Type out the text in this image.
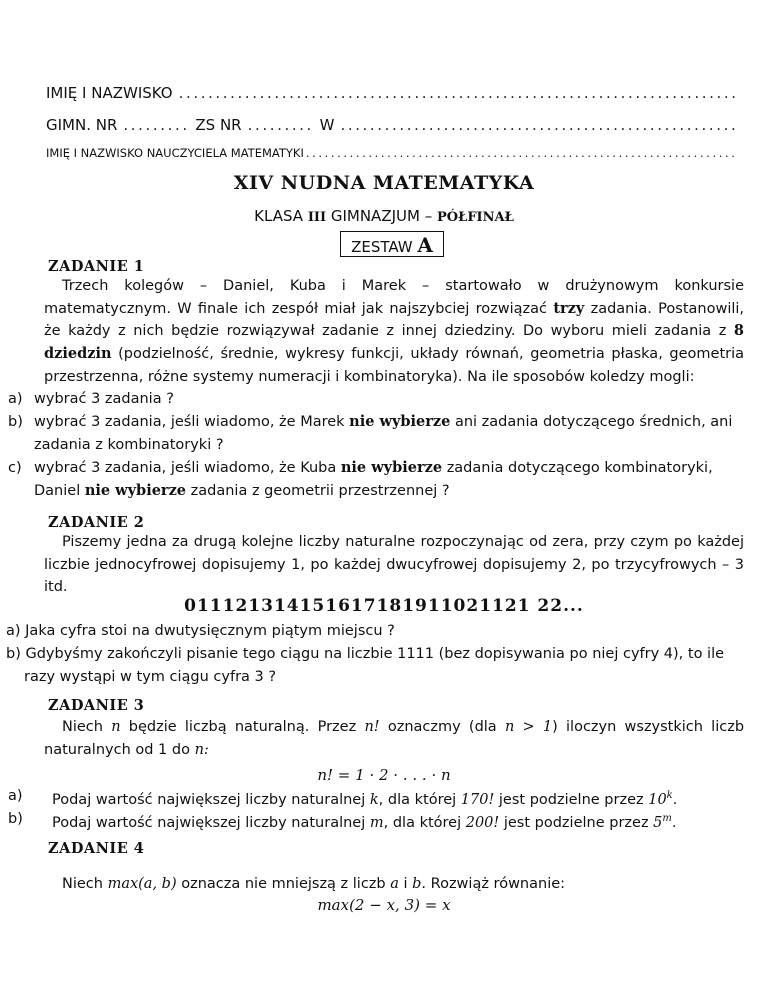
IMIĘ I NAZWISKO
.....
GIMN. NR .....	ZS NR .....	W
.....
IMIĘ I NAZWISKO NAUCZYCIELA MATEMATYKI
.....
XIV NUDNA MATEMATYKA
KLASA III GIMNAZJUM – PÓŁFINAŁ
ZESTAW A
ZADANIE 1
Trzech kolegów – Daniel, Kuba i Marek – startowało w drużynowym konkursie matematycznym. W finale ich zespół miał jak najszybciej rozwiązać trzy zadania. Postanowili, że każdy z nich będzie rozwiązywał zadanie z innej dziedziny. Do wyboru mieli zadania z 8 dziedzin (podzielność, średnie, wykresy funkcji, układy równań, geometria płaska, geometria przestrzenna, różne systemy numeracji i kombinatoryka). Na ile sposobów koledzy mogli:
a) wybrać 3 zadania ?
b) wybrać 3 zadania, jeśli wiadomo, że Marek nie wybierze ani zadania dotyczącego średnich, ani zadania z kombinatoryki ?
c) wybrać 3 zadania, jeśli wiadomo, że Kuba nie wybierze zadania dotyczącego kombinatoryki, Daniel nie wybierze zadania z geometrii przestrzennej ?
ZADANIE 2
Piszemy jedna za drugą kolejne liczby naturalne rozpoczynając od zera, przy czym po każdej liczbie jednocyfrowej dopisujemy 1, po każdej dwucyfrowej dopisujemy 2, po trzycyfrowych – 3 itd.
011121314151617181911021121 22...
a) Jaka cyfra stoi na dwutysięcznym piątym miejscu ?
b) Gdybyśmy zakończyli pisanie tego ciągu na liczbie 1111 (bez dopisywania po niej cyfry 4), to ile razy wystąpi w tym ciągu cyfra 3 ?
ZADANIE 3
Niech n będzie liczbą naturalną. Przez n! oznaczmy (dla n > 1) iloczyn wszystkich liczb naturalnych od 1 do n:
n! = 1 · 2 · . . . · n
a) Podaj wartość największej liczby naturalnej k, dla której 170! jest podzielne przez 10$^k$.
b) Podaj wartość największej liczby naturalnej m, dla której 200! jest podzielne przez 5$^m$.
ZADANIE 4
Niech max(a, b) oznacza nie mniejszą z liczb a i b. Rozwiąż równanie:
max(2 − x, 3) = x
